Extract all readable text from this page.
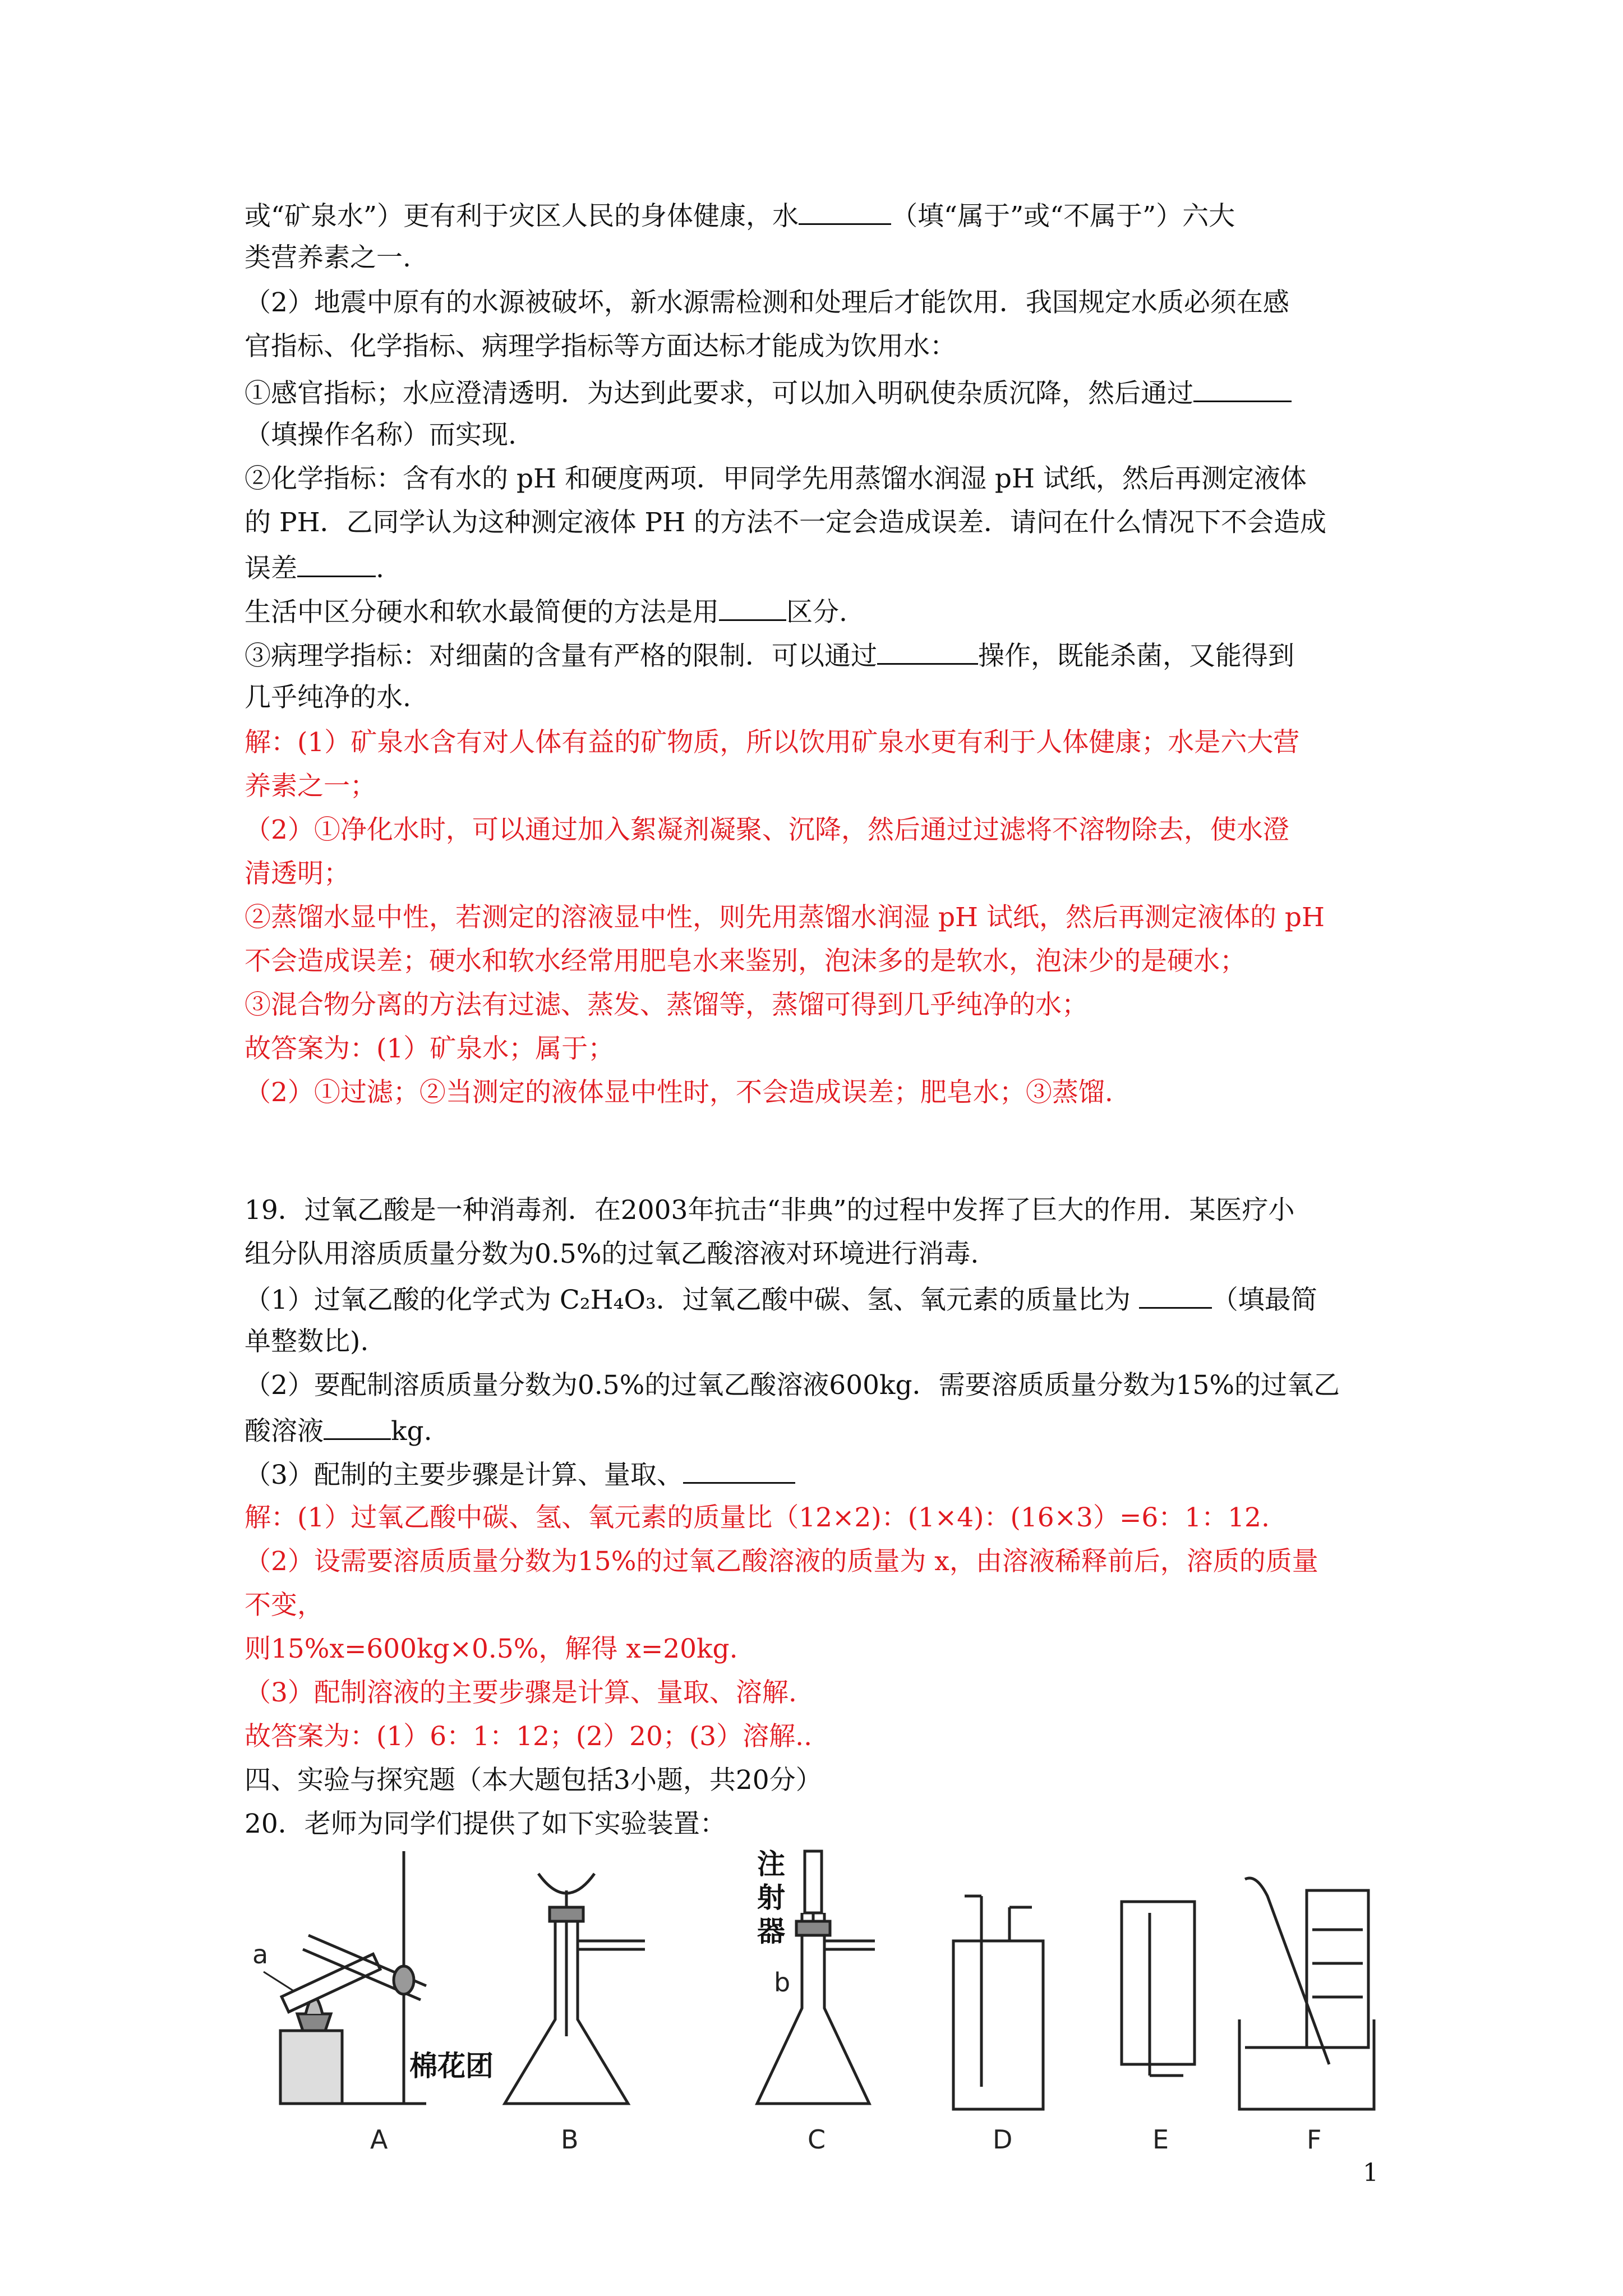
或“矿泉水”）更有利于灾区人民的身体健康，水	（填“属于”或“不属于”）六大
类营养素之一.
（2）地震中原有的水源被破坏，新水源需检测和处理后才能饮用．我国规定水质必须在感
官指标、化学指标、病理学指标等方面达标才能成为饮用水：
①感官指标；水应澄清透明．为达到此要求，可以加入明矾使杂质沉降，然后通过
（填操作名称）而实现.
②化学指标：含有水的 pH 和硬度两项．甲同学先用蒸馏水润湿 pH 试纸，然后再测定液体
的 PH．乙同学认为这种测定液体 PH 的方法不一定会造成误差．请问在什么情况下不会造成
误差	.
生活中区分硬水和软水最简便的方法是用	区分.
③病理学指标：对细菌的含量有严格的限制．可以通过	操作，既能杀菌，又能得到
几乎纯净的水.
解：(1）矿泉水含有对人体有益的矿物质，所以饮用矿泉水更有利于人体健康；水是六大营
养素之一；
（2）①净化水时，可以通过加入絮凝剂凝聚、沉降，然后通过过滤将不溶物除去，使水澄
清透明；
②蒸馏水显中性，若测定的溶液显中性，则先用蒸馏水润湿 pH 试纸，然后再测定液体的 pH
不会造成误差；硬水和软水经常用肥皂水来鉴别，泡沫多的是软水，泡沫少的是硬水；
③混合物分离的方法有过滤、蒸发、蒸馏等，蒸馏可得到几乎纯净的水；
故答案为：(1）矿泉水；属于；
（2）①过滤；②当测定的液体显中性时，不会造成误差；肥皂水；③蒸馏.
19．过氧乙酸是一种消毒剂．在2003年抗击“非典”的过程中发挥了巨大的作用．某医疗小
组分队用溶质质量分数为0.5%的过氧乙酸溶液对环境进行消毒.
（1）过氧乙酸的化学式为 C₂H₄O₃．过氧乙酸中碳、氢、氧元素的质量比为	（填最简
单整数比).
（2）要配制溶质质量分数为0.5%的过氧乙酸溶液600kg．需要溶质质量分数为15%的过氧乙
酸溶液	kg.
（3）配制的主要步骤是计算、量取、
解：(1）过氧乙酸中碳、氢、氧元素的质量比（12×2)：(1×4)：(16×3）=6：1：12.
（2）设需要溶质质量分数为15%的过氧乙酸溶液的质量为 x，由溶液稀释前后，溶质的质量
不变，
则15%x=600kg×0.5%，解得 x=20kg.
（3）配制溶液的主要步骤是计算、量取、溶解.
故答案为：(1）6：1：12；(2）20；(3）溶解..
四、实验与探究题（本大题包括3小题，共20分）
20．老师为同学们提供了如下实验装置：
A	B	C	D	E	F
a
b
棉花团
注
射
器
1
